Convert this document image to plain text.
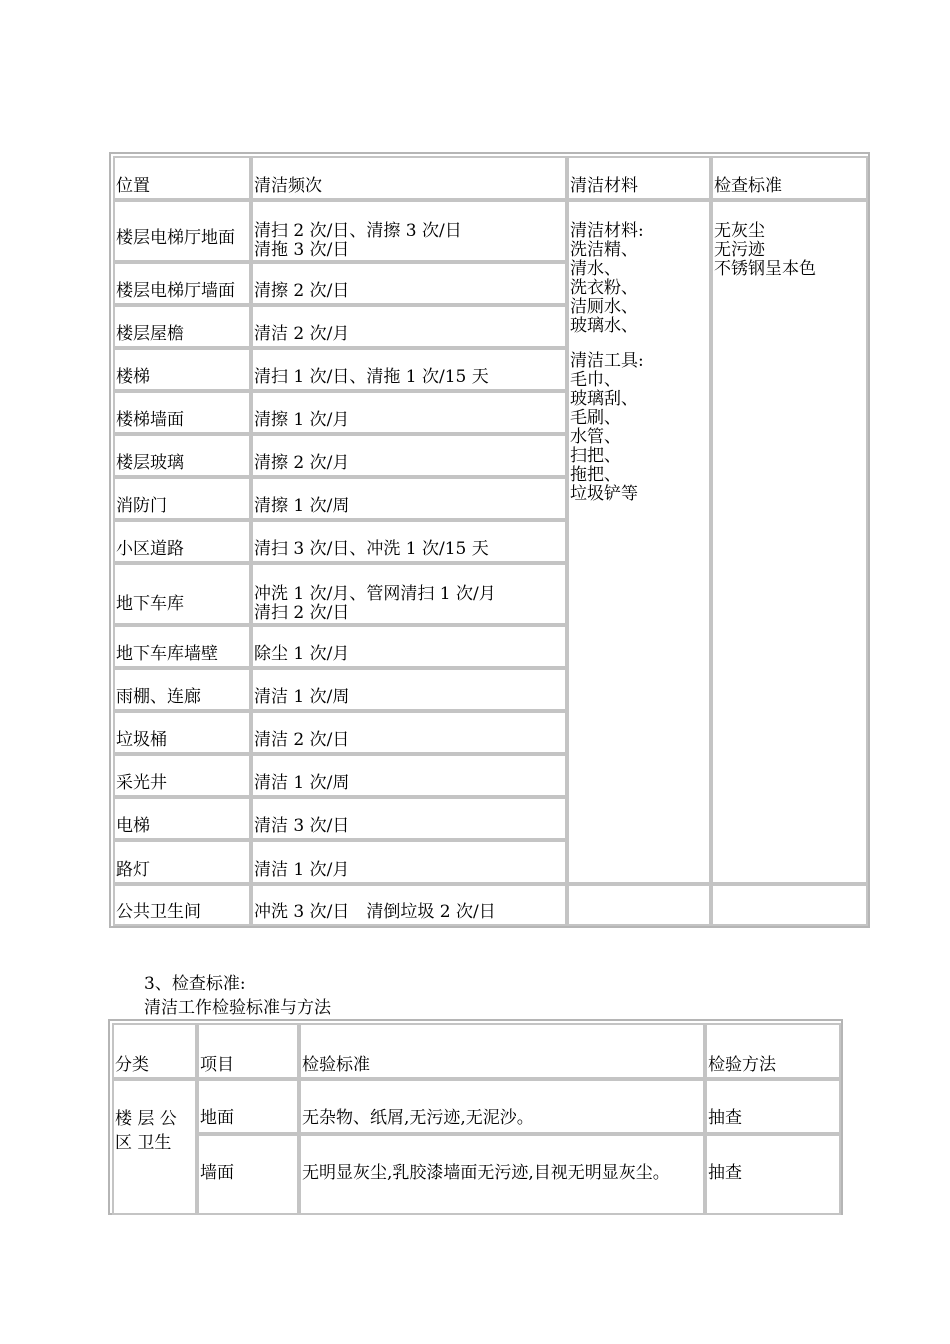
位置	清洁频次	清洁材料	检查标准
清洁材料:
洗洁精、
清水、
洗衣粉、
洁厕水、
玻璃水、
清洁工具:
毛巾、
玻璃刮、
毛刷、
水管、
扫把、
拖把、
垃圾铲等
无灰尘
无污迹
不锈钢呈本色
楼层电梯厅地面 清扫 2 次/日、清擦 3 次/日
清拖 3 次/日
楼层电梯厅墙面 清擦 2 次/日
楼层屋檐	清洁 2 次/月
楼梯	清扫 1 次/日、清拖 1 次/15 天
楼梯墙面	清擦 1 次/月
楼层玻璃	清擦 2 次/月
消防门	清擦 1 次/周
小区道路	清扫 3 次/日、冲洗 1 次/15 天
地下车库	冲洗 1 次/月、管网清扫 1 次/月
清扫 2 次/日
地下车库墙壁 除尘 1 次/月
雨棚、连廊	清洁 1 次/周
垃圾桶	清洁 2 次/日
采光井	清洁 1 次/周
电梯	清洁 3 次/日
路灯	清洁 1 次/月
公共卫生间	冲洗 3 次/日　清倒垃圾 2 次/日
3、检查标准:
清洁工作检验标准与方法
分类	项目	检验标准	检验方法
楼 层 公 区 卫生
地面	无杂物、纸屑,无污迹,无泥沙。	抽查
墙面	无明显灰尘,乳胶漆墙面无污迹,目视无明显灰尘。	抽查
